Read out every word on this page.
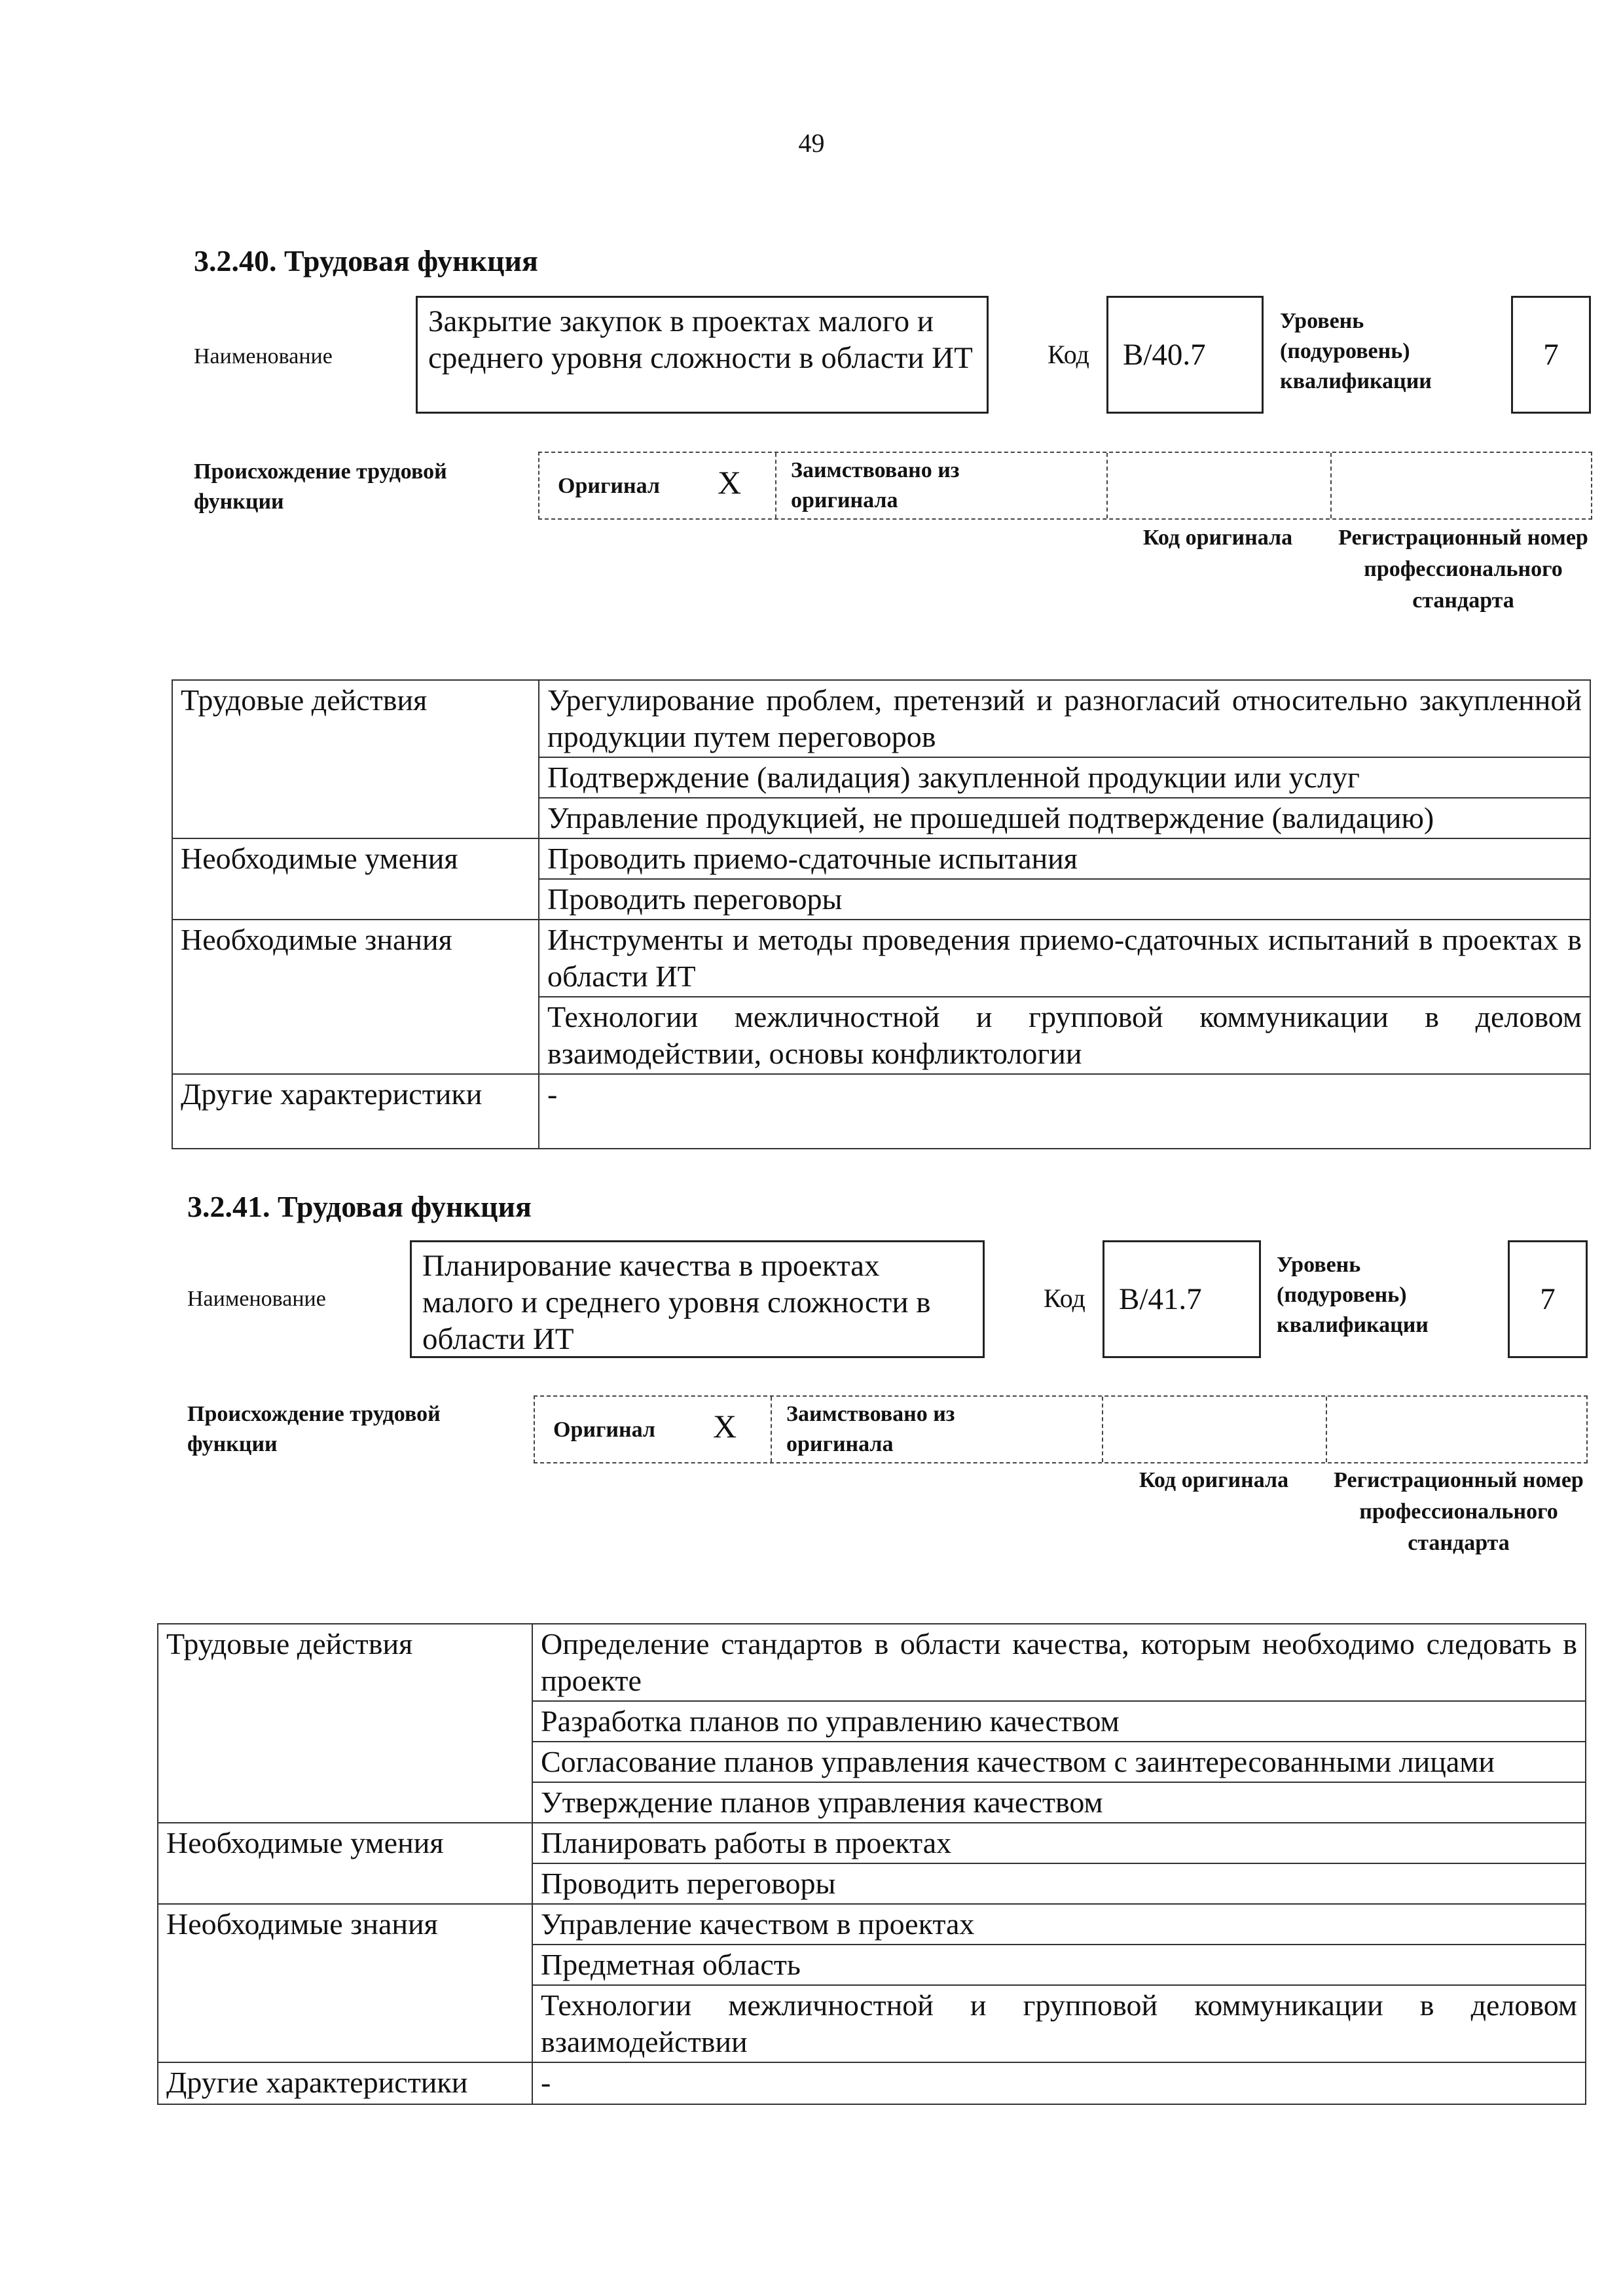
49
3.2.40. Трудовая функция
Наименование
Закрытие закупок в проектах малого и среднего уровня сложности в области ИТ	Код	В/40.7
Уровень (подуровень) квалификации
7
Происхождение трудовой функции
Оригинал X Заимствовано из оригинала
Код оригинала	Регистрационный номер профессионального стандарта
Трудовые действия	Урегулирование проблем, претензий и разногласий относительно закупленной продукции путем переговоров
	Подтверждение (валидация) закупленной продукции или услуг
	Управление продукцией, не прошедшей подтверждение (валидацию)
Необходимые умения	Проводить приемо-сдаточные испытания
	Проводить переговоры
Необходимые знания	Инструменты и методы проведения приемо-сдаточных испытаний в проектах в области ИТ
	Технологии межличностной и групповой коммуникации в деловом взаимодействии, основы конфликтологии
Другие характеристики	-
3.2.41. Трудовая функция
Наименование
Планирование качества в проектах малого и среднего уровня сложности в области ИТ
Код	В/41.7
Уровень (подуровень) квалификации
7
Происхождение трудовой функции
Оригинал X Заимствовано из оригинала
Код оригинала	Регистрационный номер профессионального стандарта
Трудовые действия	Определение стандартов в области качества, которым необходимо следовать в проекте
	Разработка планов по управлению качеством
	Согласование планов управления качеством с заинтересованными лицами
	Утверждение планов управления качеством
Необходимые умения	Планировать работы в проектах
	Проводить переговоры
Необходимые знания	Управление качеством в проектах
	Предметная область
	Технологии межличностной и групповой коммуникации в деловом взаимодействии
Другие характеристики	-
